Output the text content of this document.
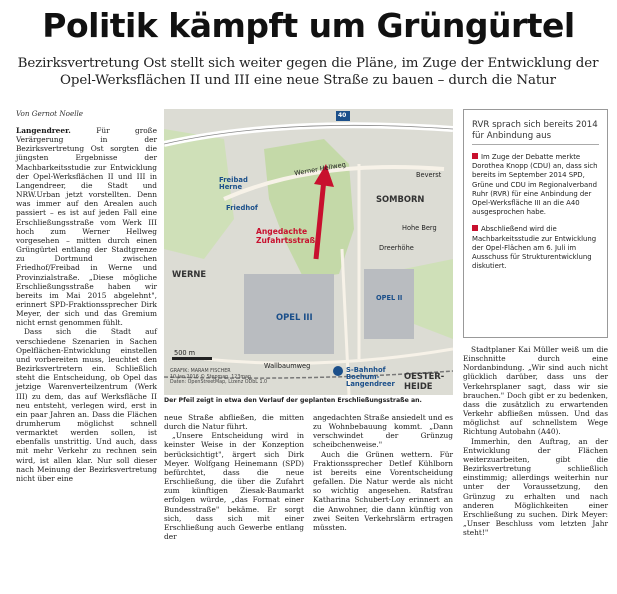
Politik kämpft um Grüngürtel
Bezirksvertretung Ost stellt sich weiter gegen die Pläne, im Zuge der Entwicklung der Opel-Werksflächen II und III eine neue Straße zu bauen – durch die Natur
Von Gernot Noelle

Langendreer.	Für große Verärgerung in der Bezirksvertretung Ost sorgten die jüngsten Ergebnisse der Machbarkeitsstudie zur Entwicklung der Opel-Werksflächen II und III in Langendreer, die Stadt und NRW.Urban jetzt vorstellten. Denn was immer auf den Arealen auch passiert – es ist auf jeden Fall eine Erschließungsstraße vom Werk III hoch zum Werner Hellweg vorgesehen – mitten durch einen Grüngürtel entlang der Stadtgrenze zu Dortmund zwischen Friedhof/Freibad in Werne und Provinzialstraße. „Diese mögliche Erschließungsstraße haben wir bereits im Mai 2015 abgelehnt", erinnert SPD-Fraktionssprecher Dirk Meyer, der sich und das Gremium nicht ernst genommen fühlt.

Dass sich die Stadt auf verschiedene Szenarien in Sachen Opelflächen-Entwicklung einstellen und vorbereiten muss, leuchtet den Bezirksvertretern ein. Schließlich steht die Entscheidung, ob Opel das jetzige Warenverteilzentrum (Werk III) zu dem, das auf Werksfläche II neu entsteht, verlegen wird, erst in ein paar Jahren an. Dass die Flächen drumherum möglichst schnell vermarktet werden sollen, ist ebenfalls unstrittig. Und auch, dass mit mehr Verkehr zu rechnen sein wird, ist allen klar. Nur soll dieser nach Meinung der Bezirksvertretung nicht über eine

40
Werner Hellweg
Freibad Herne
Friedhof
SOMBORN
Beverst
Hohe Berg
Dreerhöhe
Angedachte Zufahrtsstraße
WERNE
OPEL III
OPEL II
Wallbaumweg	S-Bahnhof Bochum-Langendreer
OESTER-HEIDE
500 m
GRAFIK: MARAM FISCHER
10 Jan 2016 © Stepmap, 123map
Daten: OpenStreetMap, Lizenz ODbL 1.0
Der Pfeil zeigt in etwa den Verlauf der geplanten Erschließungsstraße an.

neue Straße abfließen, die mitten durch die Natur führt.

„Unsere Entscheidung wird in keinster Weise in der Konzeption berücksichtigt", ärgert sich Dirk Meyer. Wolfgang Heinemann (SPD) befürchtet, dass die neue Erschließung, die über die Zufahrt zum künftigen Ziesak-Baumarkt erfolgen würde, „das Format einer Bundesstraße" bekäme. Er sorgt sich, dass sich mit einer Erschließung auch Gewerbe entlang der

angedachten Straße ansiedelt und es zu Wohnbebauung kommt. „Dann verschwindet der Grünzug scheibchenweise."

Auch die Grünen wettern. Für Fraktionssprecher Detlef Kühlborn ist bereits eine Vorentscheidung gefallen. Die Natur werde als nicht so wichtig angesehen. Ratsfrau Katharina Schubert-Loy erinnert an die Anwohner, die dann künftig von zwei Seiten Verkehrslärm ertragen müssten.

RVR sprach sich bereits 2014 für Anbindung aus
Im Zuge der Debatte merkte Dorothea Knopp (CDU) an, dass sich bereits im September 2014 SPD, Grüne und CDU im Regionalverband Ruhr (RVR) für eine Anbindung der Opel-Werksfläche III an die A40 ausgesprochen habe.
Abschließend wird die Machbarkeitsstudie zur Entwicklung der Opel-Flächen am 6. Juli im Ausschuss für Strukturentwicklung diskutiert.

Stadtplaner Kai Müller weiß um die Einschnitte durch eine Nordanbindung. „Wir sind auch nicht glücklich darüber, dass uns der Verkehrsplaner sagt, dass wir sie brauchen." Doch gibt er zu bedenken, dass die zusätzlich zu erwartenden Verkehr abfließen müssen. Und das möglichst auf schnellstem Wege Richtung Autobahn (A40).

Immerhin, den Auftrag, an der Entwicklung der Flächen weiterzuarbeiten, gibt die Bezirksvertretung schließlich einstimmig; allerdings weiterhin nur unter der Voraussetzung, den Grünzug zu erhalten und nach anderen Möglichkeiten einer Erschließung zu suchen. Dirk Meyer: „Unser Beschluss vom letzten Jahr steht!"
